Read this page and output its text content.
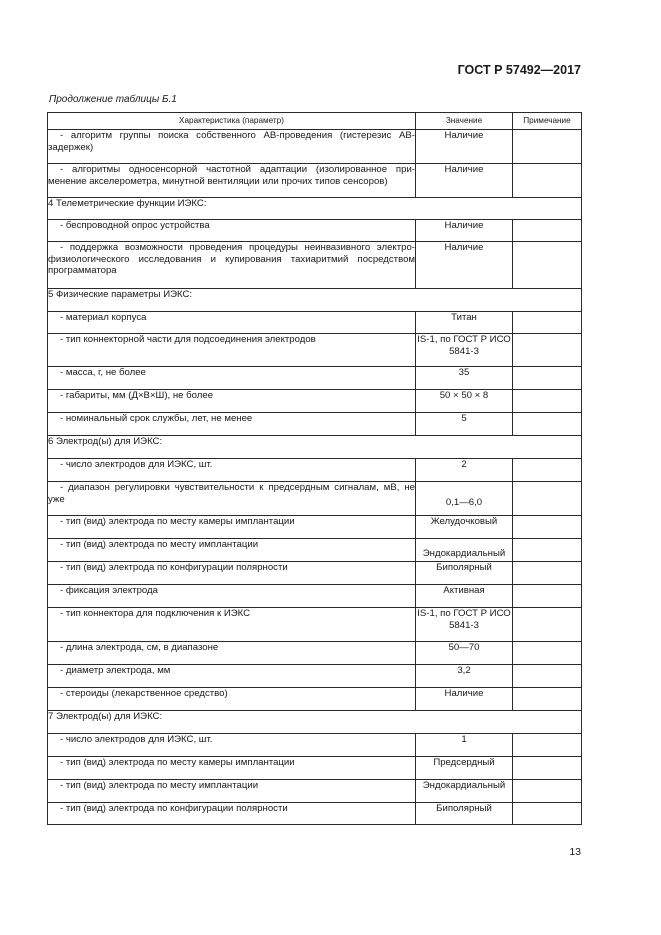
ГОСТ Р 57492—2017
Продолжение таблицы Б.1
Характеристика (параметр)	Значение	Примечание
- алгоритм группы поиска собственного АВ-проведения (гистерезис АВ-задержек)	Наличие	
- алгоритмы односенсорной частотной адаптации (изолированное при- менение акселерометра, минутной вентиляции или прочих типов сенсоров)	Наличие	
4 Телеметрические функции ИЭКС:		
- беспроводной опрос устройства	Наличие	
- поддержка возможности проведения процедуры неинвазивного электро- физиологического исследования и купирования тахиаритмий посредством программатора	Наличие	
5 Физические параметры ИЭКС:		
- материал корпуса	Титан	
- тип коннекторной части для подсоединения электродов	IS-1, по ГОСТ Р ИСО 5841-3	
- масса, г, не более	35	
- габариты, мм (Д×В×Ш), не более	50 × 50 × 8	
- номинальный срок службы, лет, не менее	5	
6 Электрод(ы) для ИЭКС:		
- число электродов для ИЭКС, шт.	2	
- диапазон регулировки чувствительности к предсердным сигналам, мВ, не уже	0,1—6,0	
- тип (вид) электрода по месту камеры имплантации	Желудочковый	
- тип (вид) электрода по месту имплантации	Эндокардиальный	
- тип (вид) электрода по конфигурации полярности	Биполярный	
- фиксация электрода	Активная	
- тип коннектора для подключения к ИЭКС	IS-1, по ГОСТ Р ИСО 5841-3	
- длина электрода, см, в диапазоне	50—70	
- диаметр электрода, мм	3,2	
- стероиды (лекарственное средство)	Наличие	
7 Электрод(ы) для ИЭКС:		
- число электродов для ИЭКС, шт.	1	
- тип (вид) электрода по месту камеры имплантации	Предсердный	
- тип (вид) электрода по месту имплантации	Эндокардиальный	
- тип (вид) электрода по конфигурации полярности	Биполярный	
13
